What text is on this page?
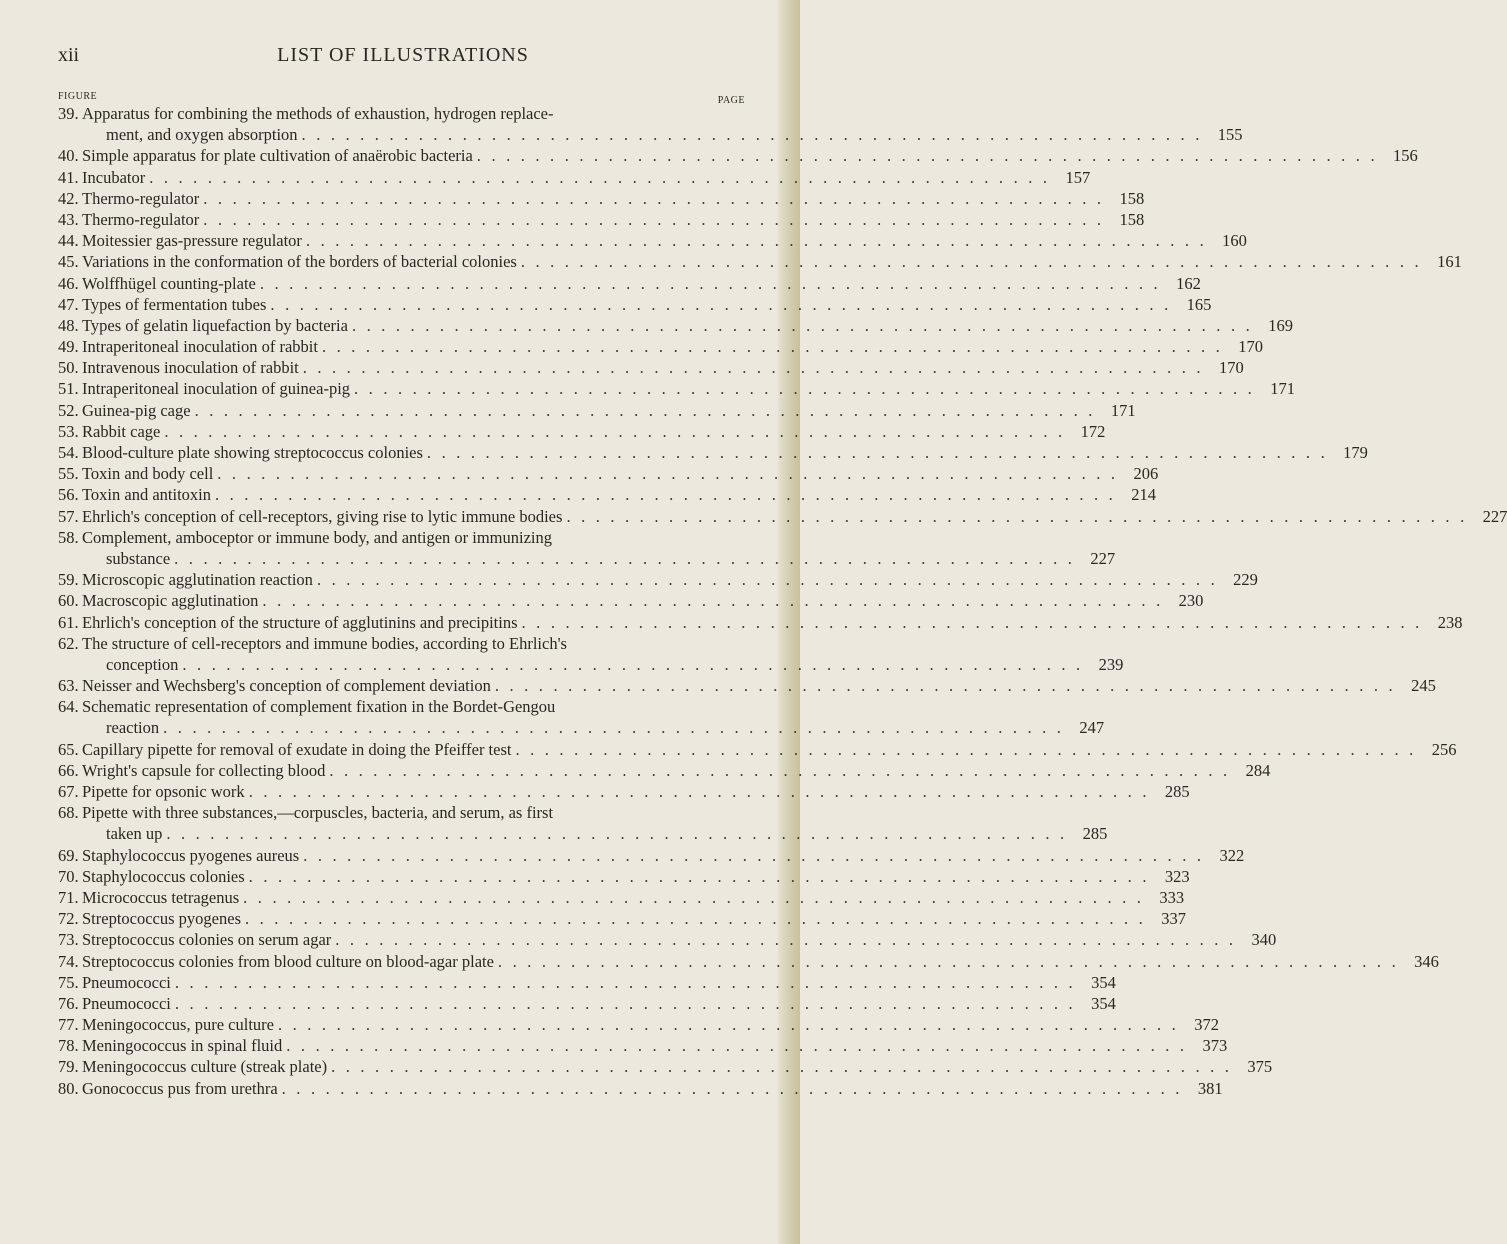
xii	LIST OF ILLUSTRATIONS
FIGURE	PAGE
39. Apparatus for combining the methods of exhaustion, hydrogen replace-
ment, and oxygen absorption . . . . . . . . . . . . . . . . . . . . . . . . . . . . . . . . . . . . . . . . . . . . . . . . . . . . . . . . . . . . . . 155
40. Simple apparatus for plate cultivation of anaërobic bacteria . . . . . . . . . . . . . . . . . . . . . . . . . . . . . . . . . . . . . . . . . . . . . . . . . . . . . . . . . . . . . . 156
41. Incubator . . . . . . . . . . . . . . . . . . . . . . . . . . . . . . . . . . . . . . . . . . . . . . . . . . . . . . . . . . . . . . 157
42. Thermo-regulator . . . . . . . . . . . . . . . . . . . . . . . . . . . . . . . . . . . . . . . . . . . . . . . . . . . . . . . . . . . . . . 158
43. Thermo-regulator . . . . . . . . . . . . . . . . . . . . . . . . . . . . . . . . . . . . . . . . . . . . . . . . . . . . . . . . . . . . . . 158
44. Moitessier gas-pressure regulator . . . . . . . . . . . . . . . . . . . . . . . . . . . . . . . . . . . . . . . . . . . . . . . . . . . . . . . . . . . . . . 160
45. Variations in the conformation of the borders of bacterial colonies . . . . . . . . . . . . . . . . . . . . . . . . . . . . . . . . . . . . . . . . . . . . . . . . . . . . . . . . . . . . . . 161
46. Wolffhügel counting-plate . . . . . . . . . . . . . . . . . . . . . . . . . . . . . . . . . . . . . . . . . . . . . . . . . . . . . . . . . . . . . . 162
47. Types of fermentation tubes . . . . . . . . . . . . . . . . . . . . . . . . . . . . . . . . . . . . . . . . . . . . . . . . . . . . . . . . . . . . . . 165
48. Types of gelatin liquefaction by bacteria . . . . . . . . . . . . . . . . . . . . . . . . . . . . . . . . . . . . . . . . . . . . . . . . . . . . . . . . . . . . . . 169
49. Intraperitoneal inoculation of rabbit . . . . . . . . . . . . . . . . . . . . . . . . . . . . . . . . . . . . . . . . . . . . . . . . . . . . . . . . . . . . . . 170
50. Intravenous inoculation of rabbit . . . . . . . . . . . . . . . . . . . . . . . . . . . . . . . . . . . . . . . . . . . . . . . . . . . . . . . . . . . . . . 170
51. Intraperitoneal inoculation of guinea-pig . . . . . . . . . . . . . . . . . . . . . . . . . . . . . . . . . . . . . . . . . . . . . . . . . . . . . . . . . . . . . . 171
52. Guinea-pig cage . . . . . . . . . . . . . . . . . . . . . . . . . . . . . . . . . . . . . . . . . . . . . . . . . . . . . . . . . . . . . . 171
53. Rabbit cage . . . . . . . . . . . . . . . . . . . . . . . . . . . . . . . . . . . . . . . . . . . . . . . . . . . . . . . . . . . . . . 172
54. Blood-culture plate showing streptococcus colonies . . . . . . . . . . . . . . . . . . . . . . . . . . . . . . . . . . . . . . . . . . . . . . . . . . . . . . . . . . . . . . 179
55. Toxin and body cell . . . . . . . . . . . . . . . . . . . . . . . . . . . . . . . . . . . . . . . . . . . . . . . . . . . . . . . . . . . . . . 206
56. Toxin and antitoxin . . . . . . . . . . . . . . . . . . . . . . . . . . . . . . . . . . . . . . . . . . . . . . . . . . . . . . . . . . . . . . 214
57. Ehrlich's conception of cell-receptors, giving rise to lytic immune bodies . . . . . . . . . . . . . . . . . . . . . . . . . . . . . . . . . . . . . . . . . . . . . . . . . . . . . . . . . . . . . . 227
58. Complement, amboceptor or immune body, and antigen or immunizing
substance . . . . . . . . . . . . . . . . . . . . . . . . . . . . . . . . . . . . . . . . . . . . . . . . . . . . . . . . . . . . . . 227
59. Microscopic agglutination reaction . . . . . . . . . . . . . . . . . . . . . . . . . . . . . . . . . . . . . . . . . . . . . . . . . . . . . . . . . . . . . . 229
60. Macroscopic agglutination . . . . . . . . . . . . . . . . . . . . . . . . . . . . . . . . . . . . . . . . . . . . . . . . . . . . . . . . . . . . . . 230
61. Ehrlich's conception of the structure of agglutinins and precipitins . . . . . . . . . . . . . . . . . . . . . . . . . . . . . . . . . . . . . . . . . . . . . . . . . . . . . . . . . . . . . . 238
62. The structure of cell-receptors and immune bodies, according to Ehrlich's
conception . . . . . . . . . . . . . . . . . . . . . . . . . . . . . . . . . . . . . . . . . . . . . . . . . . . . . . . . . . . . . . 239
63. Neisser and Wechsberg's conception of complement deviation . . . . . . . . . . . . . . . . . . . . . . . . . . . . . . . . . . . . . . . . . . . . . . . . . . . . . . . . . . . . . . 245
64. Schematic representation of complement fixation in the Bordet-Gengou
reaction . . . . . . . . . . . . . . . . . . . . . . . . . . . . . . . . . . . . . . . . . . . . . . . . . . . . . . . . . . . . . . 247
65. Capillary pipette for removal of exudate in doing the Pfeiffer test . . . . . . . . . . . . . . . . . . . . . . . . . . . . . . . . . . . . . . . . . . . . . . . . . . . . . . . . . . . . . . 256
66. Wright's capsule for collecting blood . . . . . . . . . . . . . . . . . . . . . . . . . . . . . . . . . . . . . . . . . . . . . . . . . . . . . . . . . . . . . . 284
67. Pipette for opsonic work . . . . . . . . . . . . . . . . . . . . . . . . . . . . . . . . . . . . . . . . . . . . . . . . . . . . . . . . . . . . . . 285
68. Pipette with three substances,—corpuscles, bacteria, and serum, as first
taken up . . . . . . . . . . . . . . . . . . . . . . . . . . . . . . . . . . . . . . . . . . . . . . . . . . . . . . . . . . . . . . 285
69. Staphylococcus pyogenes aureus . . . . . . . . . . . . . . . . . . . . . . . . . . . . . . . . . . . . . . . . . . . . . . . . . . . . . . . . . . . . . . 322
70. Staphylococcus colonies . . . . . . . . . . . . . . . . . . . . . . . . . . . . . . . . . . . . . . . . . . . . . . . . . . . . . . . . . . . . . . 323
71. Micrococcus tetragenus . . . . . . . . . . . . . . . . . . . . . . . . . . . . . . . . . . . . . . . . . . . . . . . . . . . . . . . . . . . . . . 333
72. Streptococcus pyogenes . . . . . . . . . . . . . . . . . . . . . . . . . . . . . . . . . . . . . . . . . . . . . . . . . . . . . . . . . . . . . . 337
73. Streptococcus colonies on serum agar . . . . . . . . . . . . . . . . . . . . . . . . . . . . . . . . . . . . . . . . . . . . . . . . . . . . . . . . . . . . . . 340
74. Streptococcus colonies from blood culture on blood-agar plate . . . . . . . . . . . . . . . . . . . . . . . . . . . . . . . . . . . . . . . . . . . . . . . . . . . . . . . . . . . . . . 346
75. Pneumococci . . . . . . . . . . . . . . . . . . . . . . . . . . . . . . . . . . . . . . . . . . . . . . . . . . . . . . . . . . . . . . 354
76. Pneumococci . . . . . . . . . . . . . . . . . . . . . . . . . . . . . . . . . . . . . . . . . . . . . . . . . . . . . . . . . . . . . . 354
77. Meningococcus, pure culture . . . . . . . . . . . . . . . . . . . . . . . . . . . . . . . . . . . . . . . . . . . . . . . . . . . . . . . . . . . . . . 372
78. Meningococcus in spinal fluid . . . . . . . . . . . . . . . . . . . . . . . . . . . . . . . . . . . . . . . . . . . . . . . . . . . . . . . . . . . . . . 373
79. Meningococcus culture (streak plate) . . . . . . . . . . . . . . . . . . . . . . . . . . . . . . . . . . . . . . . . . . . . . . . . . . . . . . . . . . . . . . 375
80. Gonococcus pus from urethra . . . . . . . . . . . . . . . . . . . . . . . . . . . . . . . . . . . . . . . . . . . . . . . . . . . . . . . . . . . . . . 381
